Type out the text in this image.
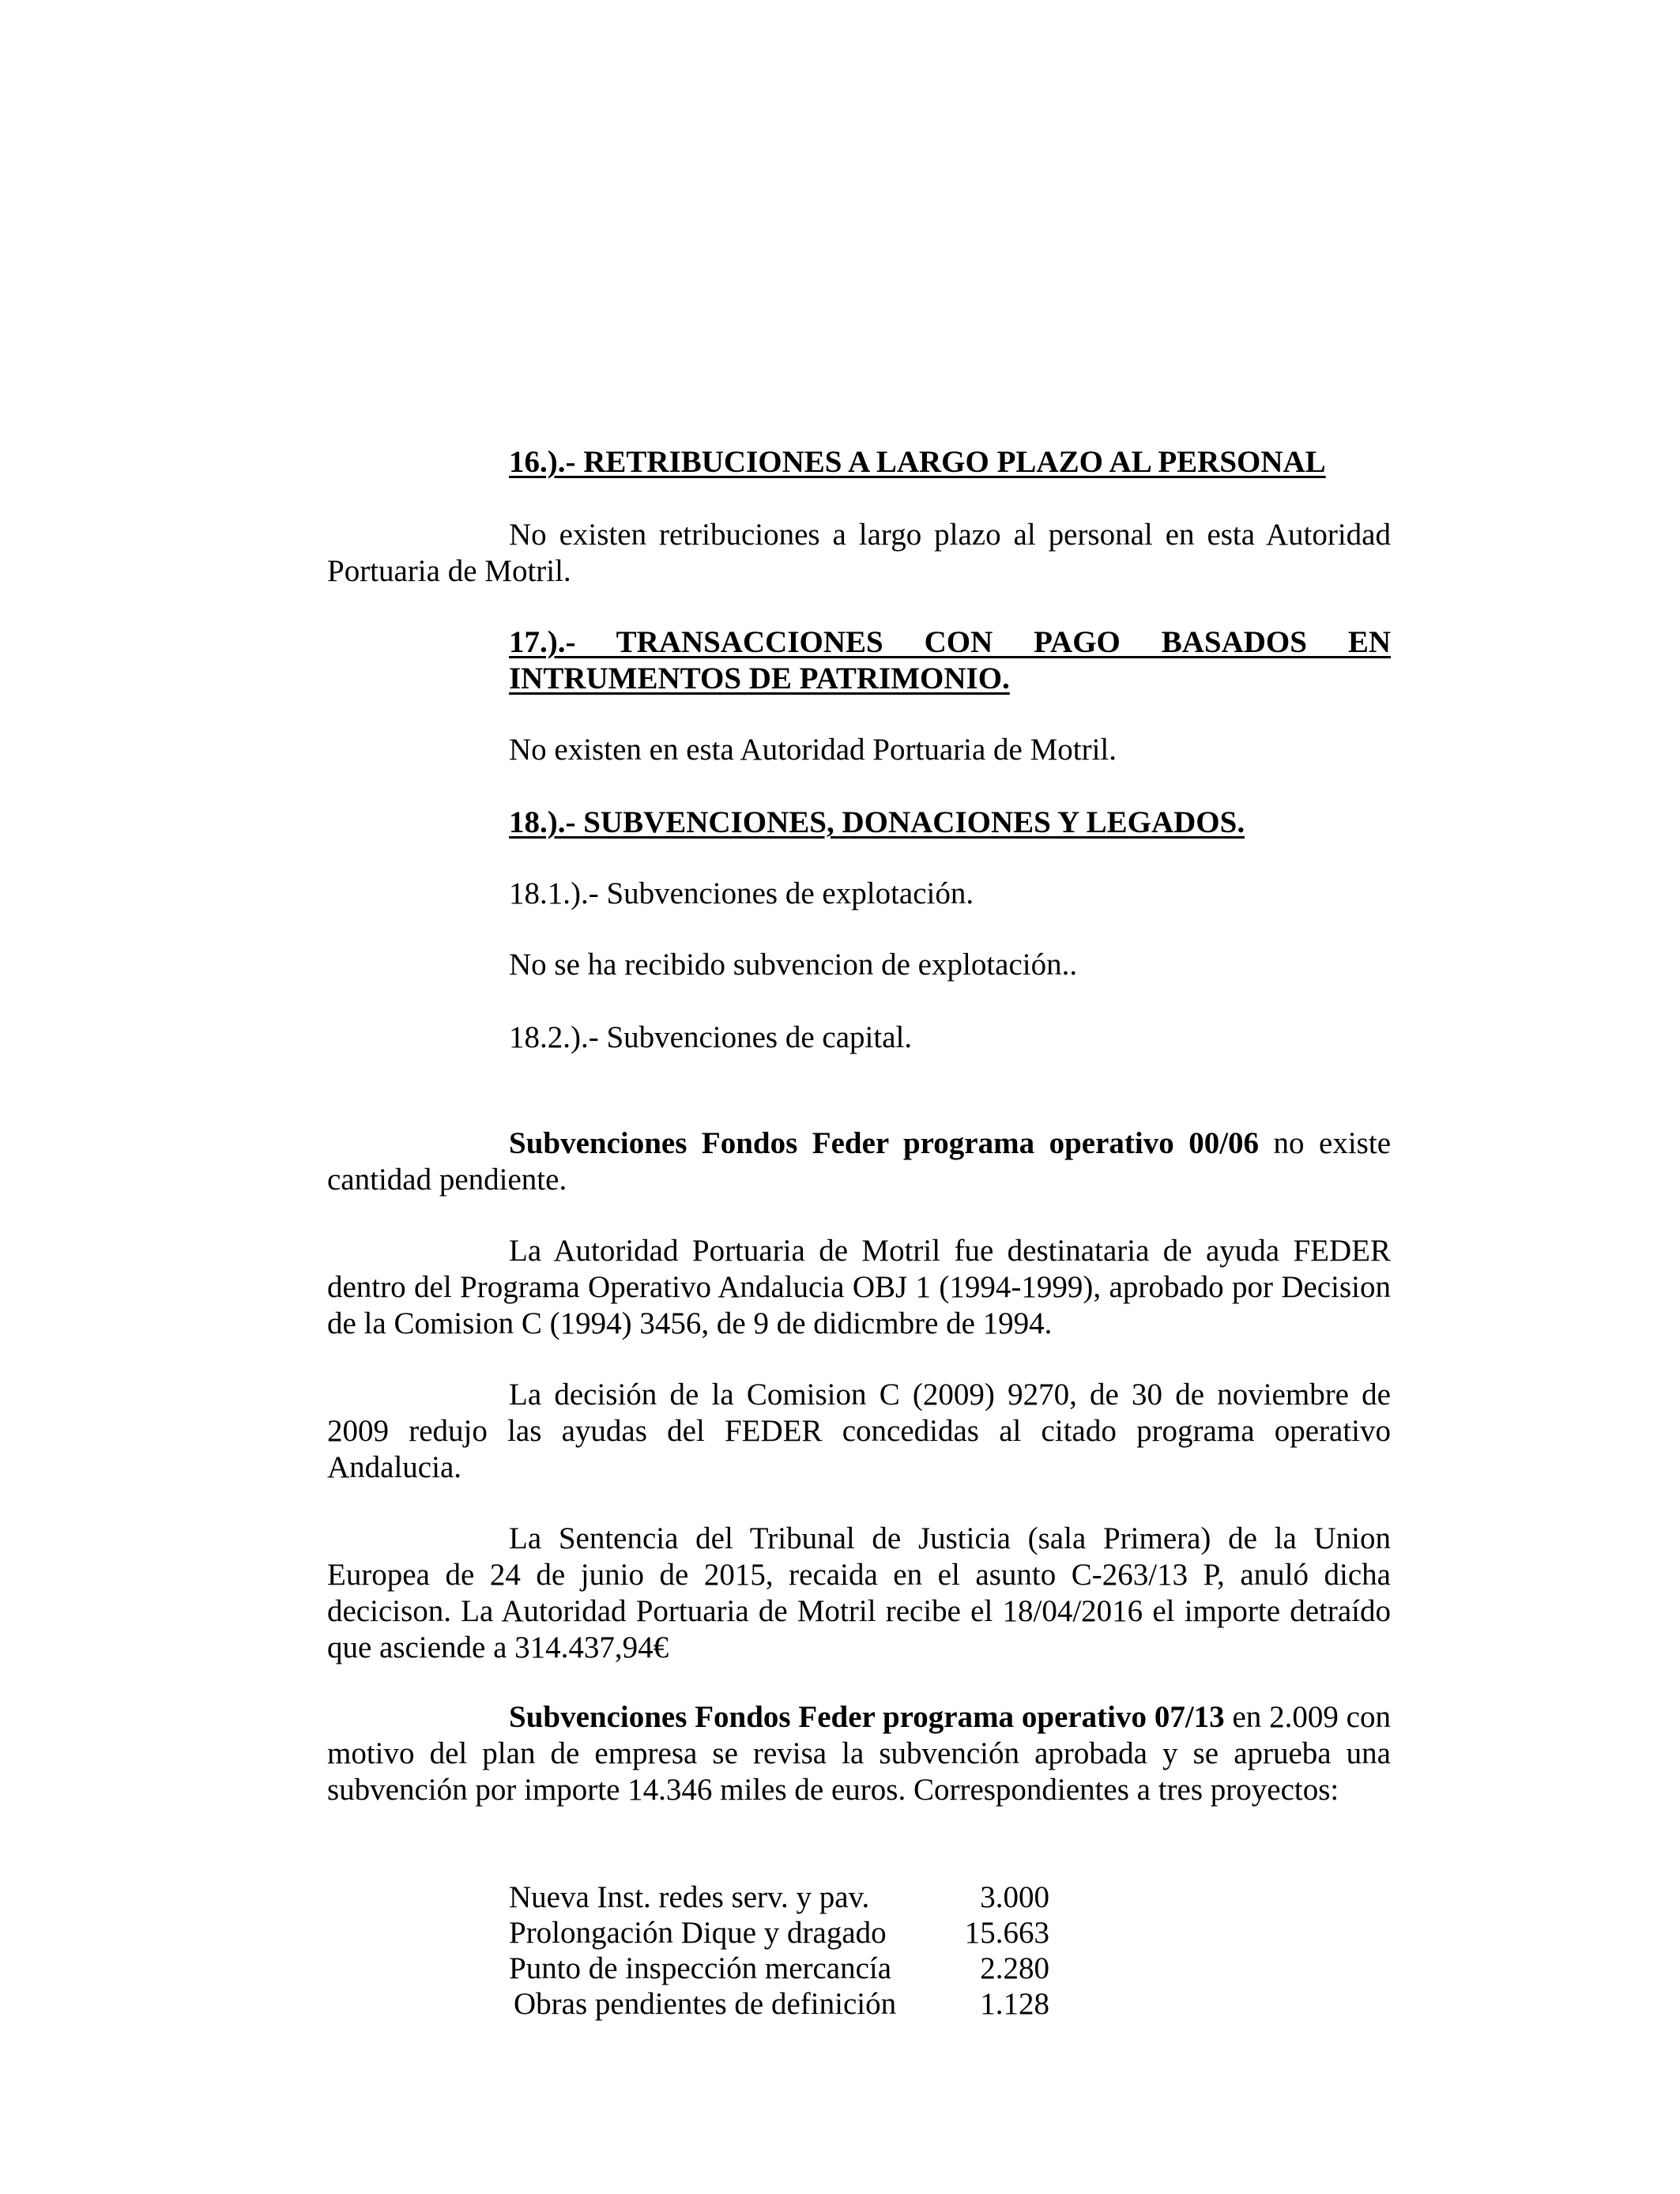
16.).- RETRIBUCIONES A LARGO PLAZO AL PERSONAL
No existen retribuciones a largo plazo al personal en esta Autoridad Portuaria de Motril.
17.).- TRANSACCIONES CON PAGO BASADOS EN
INTRUMENTOS DE PATRIMONIO.
No existen en esta Autoridad Portuaria de Motril.
18.).- SUBVENCIONES, DONACIONES Y LEGADOS.
18.1.).- Subvenciones de explotación.
No se ha recibido subvencion de explotación..
18.2.).- Subvenciones de capital.
Subvenciones Fondos Feder programa operativo 00/06 no existe cantidad pendiente.
La Autoridad Portuaria de Motril fue destinataria de ayuda FEDER dentro del Programa Operativo Andalucia OBJ 1 (1994-1999), aprobado por Decision de la Comision C (1994) 3456, de 9 de didicmbre de 1994.
La decisión de la Comision C (2009) 9270, de 30 de noviembre de 2009 redujo las ayudas del FEDER concedidas al citado programa operativo Andalucia.
La Sentencia del Tribunal de Justicia (sala Primera) de la Union Europea de 24 de junio de 2015, recaida en el asunto C-263/13 P, anuló dicha decicison. La Autoridad Portuaria de Motril recibe el 18/04/2016 el importe detraído que asciende a 314.437,94€
Subvenciones Fondos Feder programa operativo 07/13 en 2.009 con motivo del plan de empresa se revisa la subvención aprobada y se aprueba una subvención por importe 14.346 miles de euros. Correspondientes a tres proyectos:
Nueva Inst. redes serv. y pav.	3.000
Prolongación Dique y dragado	15.663
Punto de inspección mercancía	2.280
Obras pendientes de definición	1.128
